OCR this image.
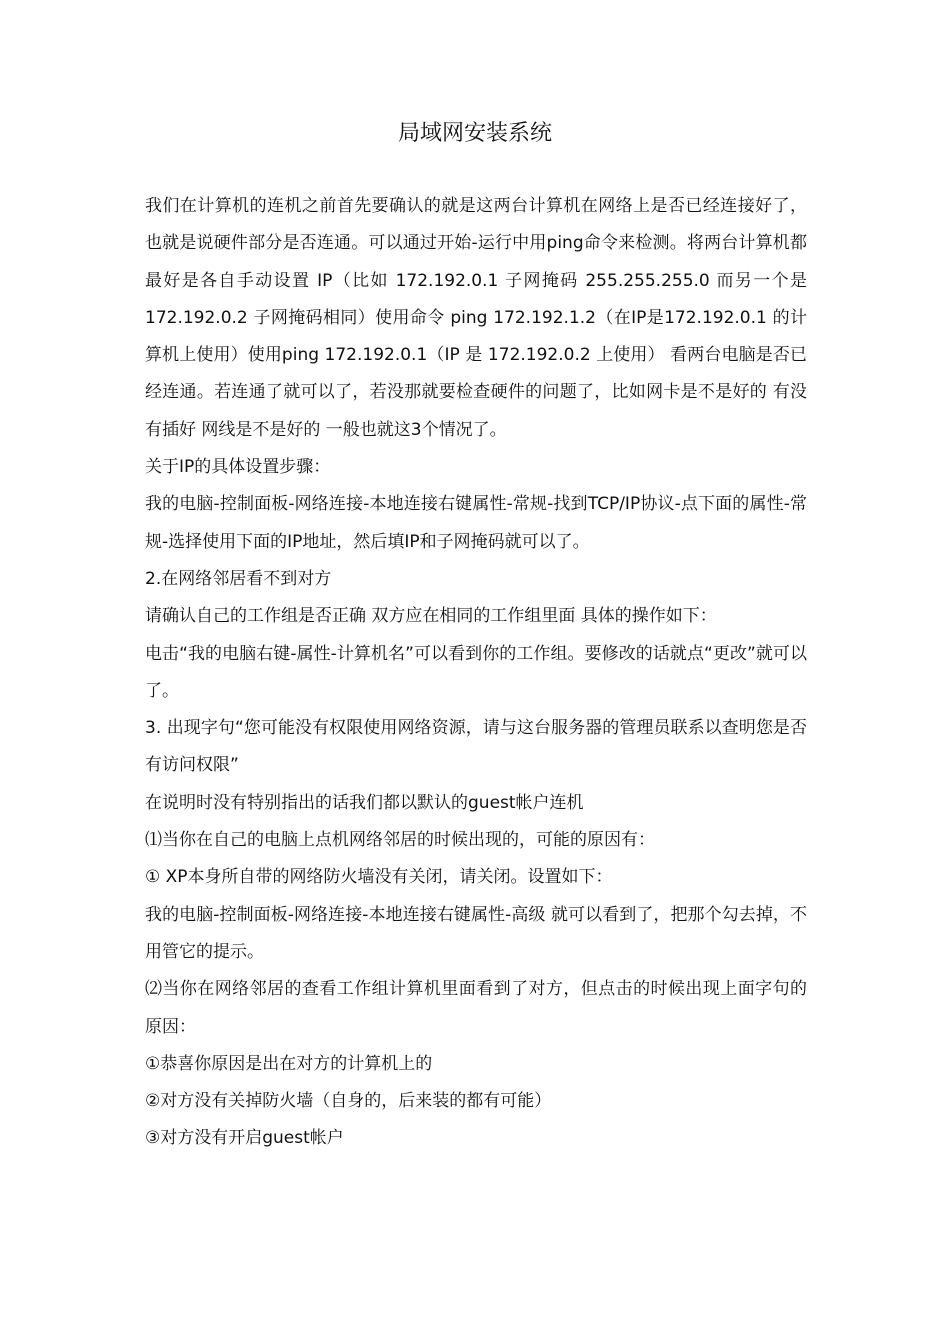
局域网安装系统

我们在计算机的连机之前首先要确认的就是这两台计算机在网络上是否已经连接好了，也就是说硬件部分是否连通。可以通过开始-运行中用ping命令来检测。将两台计算机都最好是各自手动设置 IP（比如 172.192.0.1 子网掩码 255.255.255.0 而另一个是 172.192.0.2 子网掩码相同）使用命令 ping 172.192.1.2（在IP是172.192.0.1 的计算机上使用）使用ping 172.192.0.1（IP 是 172.192.0.2 上使用） 看两台电脑是否已经连通。若连通了就可以了，若没那就要检查硬件的问题了，比如网卡是不是好的 有没有插好 网线是不是好的 一般也就这3个情况了。

关于IP的具体设置步骤：

我的电脑-控制面板-网络连接-本地连接右键属性-常规-找到TCP/IP协议-点下面的属性-常规-选择使用下面的IP地址，然后填IP和子网掩码就可以了。

2.在网络邻居看不到对方

请确认自己的工作组是否正确 双方应在相同的工作组里面 具体的操作如下：

电击“我的电脑右键-属性-计算机名”可以看到你的工作组。要修改的话就点“更改”就可以了。

3. 出现字句“您可能没有权限使用网络资源，请与这台服务器的管理员联系以查明您是否有访问权限”

在说明时没有特别指出的话我们都以默认的guest帐户连机

⑴当你在自己的电脑上点机网络邻居的时候出现的，可能的原因有：

① XP本身所自带的网络防火墙没有关闭，请关闭。设置如下：

我的电脑-控制面板-网络连接-本地连接右键属性-高级 就可以看到了，把那个勾去掉，不用管它的提示。

⑵当你在网络邻居的查看工作组计算机里面看到了对方，但点击的时候出现上面字句的原因：

①恭喜你原因是出在对方的计算机上的

②对方没有关掉防火墙（自身的，后来装的都有可能）

③对方没有开启guest帐户
